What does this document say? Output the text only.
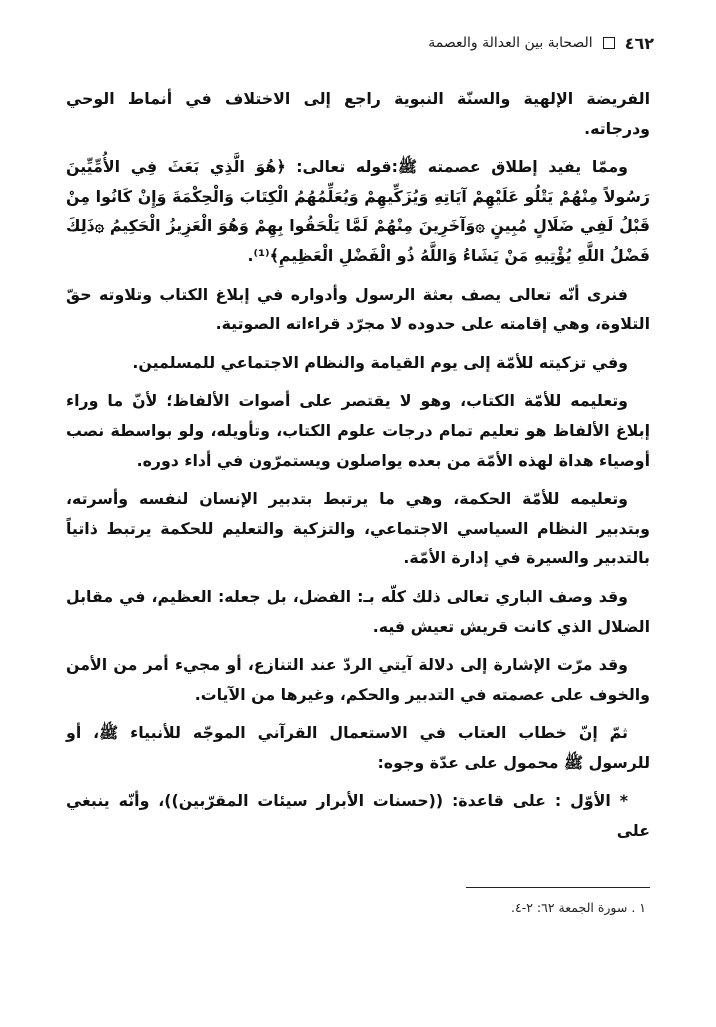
٤٦٢
الصحابة بين العدالة والعصمة

الفريضة الإلهية والسنّة النبوية راجع إلى الاختلاف في أنماط الوحي ودرجاته.

وممّا يفيد إطلاق عصمته ﷺ:قوله تعالى: ﴿هُوَ الَّذِي بَعَثَ فِي الأُمِّيِّينَ رَسُولاً مِنْهُمْ يَتْلُو عَلَيْهِمْ آيَاتِهِ وَيُزَكِّيهِمْ وَيُعَلِّمُهُمُ الْكِتَابَ وَالْحِكْمَةَ وَإِنْ كَانُوا مِنْ قَبْلُ لَفِي ضَلَالٍ مُبِينٍ ۞وَآخَرِينَ مِنْهُمْ لَمَّا يَلْحَقُوا بِهِمْ وَهُوَ الْعَزِيزُ الْحَكِيمُ ۞ذَلِكَ فَضْلُ اللَّهِ يُؤْتِيهِ مَنْ يَشَاءُ وَاللَّهُ ذُو الْفَضْلِ الْعَظِيمِ﴾⁽¹⁾.

فنرى أنّه تعالى يصف بعثة الرسول وأدواره في إبلاغ الكتاب وتلاوته حقّ التلاوة، وهي إقامته على حدوده لا مجرّد قراءاته الصوتية.

وفي تزكيته للأمّة إلى يوم القيامة والنظام الاجتماعي للمسلمين.

وتعليمه للأمّة الكتاب، وهو لا يقتصر على أصوات الألفاظ؛ لأنّ ما وراء إبلاغ الألفاظ هو تعليم تمام درجات علوم الكتاب، وتأويله، ولو بواسطة نصب أوصياء هداة لهذه الأمّة من بعده يواصلون ويستمرّون في أداء دوره.

وتعليمه للأمّة الحكمة، وهي ما يرتبط بتدبير الإنسان لنفسه وأسرته، وبتدبير النظام السياسي الاجتماعي، والتزكية والتعليم للحكمة يرتبط ذاتياً بالتدبير والسيرة في إدارة الأمّة.

وقد وصف الباري تعالى ذلك كلّه بـ: الفضل، بل جعله: العظيم، في مقابل الضلال الذي كانت قريش تعيش فيه.

وقد مرّت الإشارة إلى دلالة آيتي الردّ عند التنازع، أو مجيء أمر من الأمن والخوف على عصمته في التدبير والحكم، وغيرها من الآيات.

ثمّ إنّ خطاب العتاب في الاستعمال القرآني الموجّه للأنبياء ﷺ، أو للرسول ﷺ محمول على عدّة وجوه:

* الأوّل : على قاعدة: ((حسنات الأبرار سيئات المقرّبين))، وأنّه ينبغي على

١ . سورة الجمعة ٦٢: ٢-٤.
